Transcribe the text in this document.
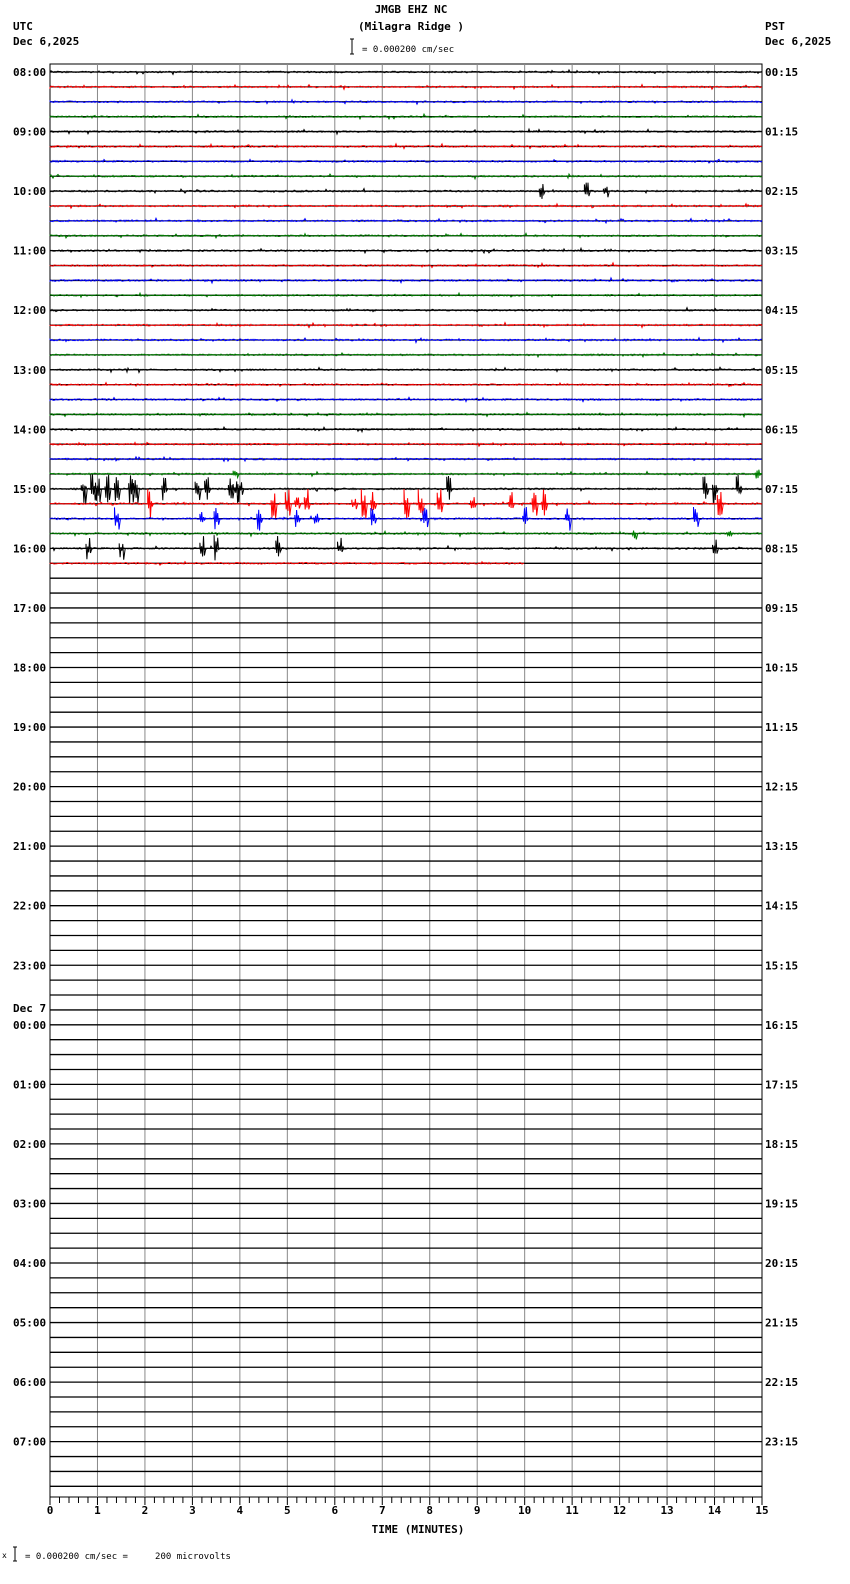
JMGB EHZ NC
(Milagra Ridge )
UTC
Dec 6,2025
PST
Dec 6,2025
= 0.000200 cm/sec
08:00
09:00
10:00
11:00
12:00
13:00
14:00
15:00
16:00
17:00
18:00
19:00
20:00
21:00
22:00
23:00
00:00
Dec 7
01:00
02:00
03:00
04:00
05:00
06:00
07:00
00:15
01:15
02:15
03:15
04:15
05:15
06:15
07:15
08:15
09:15
10:15
11:15
12:15
13:15
14:15
15:15
16:15
17:15
18:15
19:15
20:15
21:15
22:15
23:15
0	1	2	3	4	5	6	7	8	9	10	11	12	13	14	15
TIME (MINUTES)
x = 0.000200 cm/sec =     200 microvolts
